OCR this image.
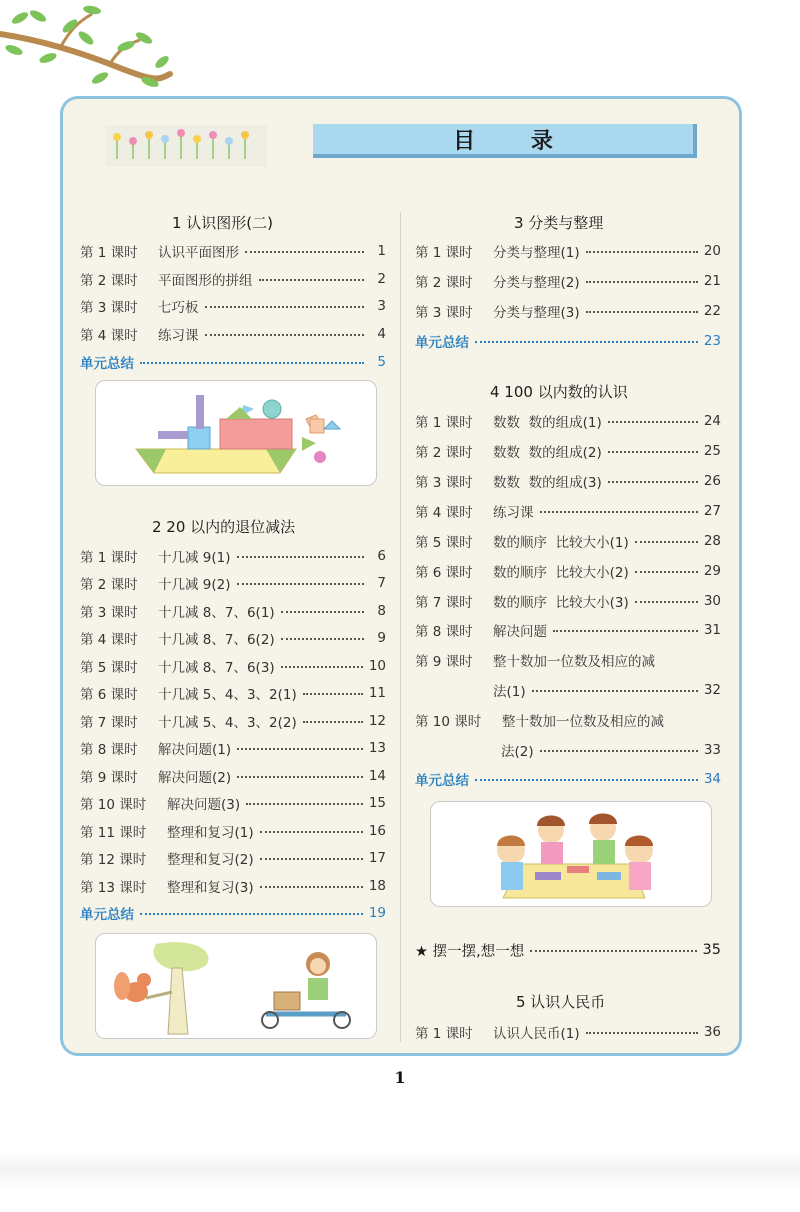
目 录
1 认识图形(二)
第 1 课时	认识平面图形	1
第 2 课时	平面图形的拼组	2
第 3 课时	七巧板	3
第 4 课时	练习课	4
单元总结	5
2 20 以内的退位减法
第 1 课时	十几减 9(1)	6
第 2 课时	十几减 9(2)	7
第 3 课时	十几减 8、7、6(1)	8
第 4 课时	十几减 8、7、6(2)	9
第 5 课时	十几减 8、7、6(3)	10
第 6 课时	十几减 5、4、3、2(1)	11
第 7 课时	十几减 5、4、3、2(2)	12
第 8 课时	解决问题(1)	13
第 9 课时	解决问题(2)	14
第 10 课时	解决问题(3)	15
第 11 课时	整理和复习(1)	16
第 12 课时	整理和复习(2)	17
第 13 课时	整理和复习(3)	18
单元总结	19
3 分类与整理
第 1 课时	分类与整理(1)	20
第 2 课时	分类与整理(2)	21
第 3 课时	分类与整理(3)	22
单元总结	23
4 100 以内数的认识
第 1 课时	数数  数的组成(1)	24
第 2 课时	数数  数的组成(2)	25
第 3 课时	数数  数的组成(3)	26
第 4 课时	练习课	27
第 5 课时	数的顺序  比较大小(1)	28
第 6 课时	数的顺序  比较大小(2)	29
第 7 课时	数的顺序  比较大小(3)	30
第 8 课时	解决问题	31
第 9 课时	整十数加一位数及相应的减
法(1)	32
第 10 课时	整十数加一位数及相应的减
法(2)	33
单元总结	34
★ 摆一摆,想一想	35
5 认识人民币
第 1 课时	认识人民币(1)	36
1
